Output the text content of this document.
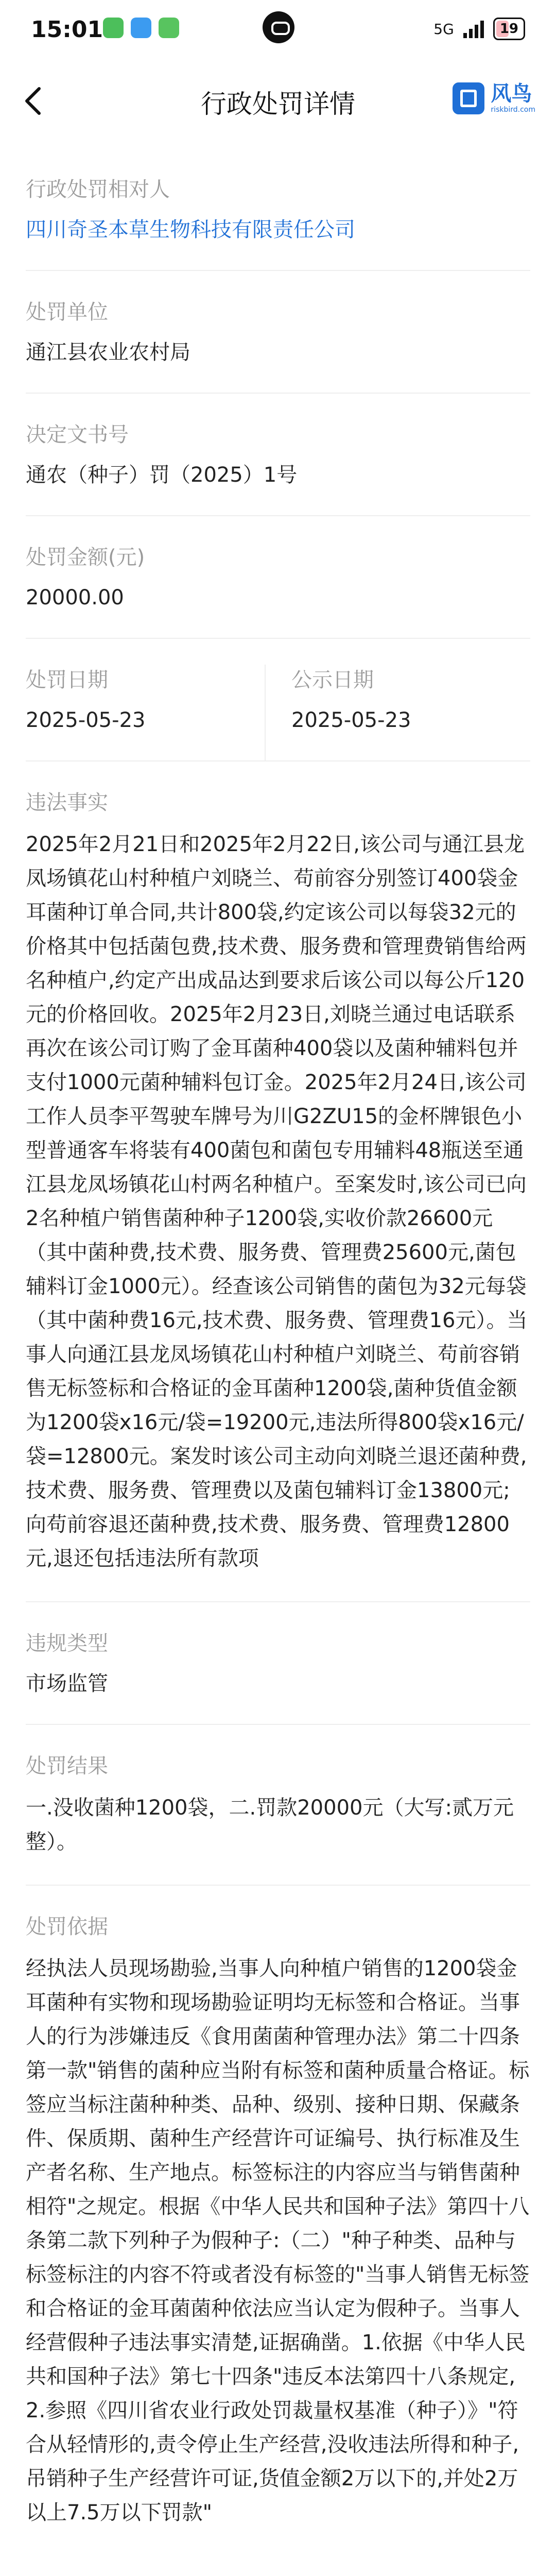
15:01	5G	19
行政处罚详情	风鸟
riskbird.com
行政处罚相对人
四川奇圣本草生物科技有限责任公司
处罚单位
通江县农业农村局
决定文书号
通农（种子）罚（2025）1号
处罚金额(元)
20000.00
处罚日期
2025-05-23
公示日期
2025-05-23
违法事实
2025年2月21日和2025年2月22日,该公司与通江县龙凤场镇花山村种植户刘晓兰、苟前容分别签订400袋金耳菌种订单合同,共计800袋,约定该公司以每袋32元的价格其中包括菌包费,技术费、服务费和管理费销售给两名种植户,约定产出成品达到要求后该公司以每公斤120元的价格回收。2025年2月23日,刘晓兰通过电话联系再次在该公司订购了金耳菌种400袋以及菌种辅料包并支付1000元菌种辅料包订金。2025年2月24日,该公司工作人员李平驾驶车牌号为川G2ZU15的金杯牌银色小型普通客车将装有400菌包和菌包专用辅料48瓶送至通江县龙凤场镇花山村两名种植户。至案发时,该公司已向2名种植户销售菌种种子1200袋,实收价款26600元（其中菌种费,技术费、服务费、管理费25600元,菌包辅料订金1000元）。经查该公司销售的菌包为32元每袋（其中菌种费16元,技术费、服务费、管理费16元）。当事人向通江县龙凤场镇花山村种植户刘晓兰、苟前容销售无标签标和合格证的金耳菌种1200袋,菌种货值金额为1200袋x16元/袋=19200元,违法所得800袋x16元/袋=12800元。案发时该公司主动向刘晓兰退还菌种费,技术费、服务费、管理费以及菌包辅料订金13800元;向苟前容退还菌种费,技术费、服务费、管理费12800元,退还包括违法所有款项
违规类型
市场监管
处罚结果
一.没收菌种1200袋，二.罚款20000元（大写:贰万元整）。
处罚依据
经执法人员现场勘验,当事人向种植户销售的1200袋金耳菌种有实物和现场勘验证明均无标签和合格证。当事人的行为涉嫌违反《食用菌菌种管理办法》第二十四条第一款"销售的菌种应当附有标签和菌种质量合格证。标签应当标注菌种种类、品种、级别、接种日期、保藏条件、保质期、菌种生产经营许可证编号、执行标准及生产者名称、生产地点。标签标注的内容应当与销售菌种相符"之规定。根据《中华人民共和国种子法》第四十八条第二款下列种子为假种子:（二）"种子种类、品种与标签标注的内容不符或者没有标签的"当事人销售无标签和合格证的金耳菌菌种依法应当认定为假种子。当事人经营假种子违法事实清楚,证据确凿。1.依据《中华人民共和国种子法》第七十四条"违反本法第四十八条规定,2.参照《四川省农业行政处罚裁量权基准（种子）》"符合从轻情形的,责令停止生产经营,没收违法所得和种子,吊销种子生产经营许可证,货值金额2万以下的,并处2万以上7.5万以下罚款"
